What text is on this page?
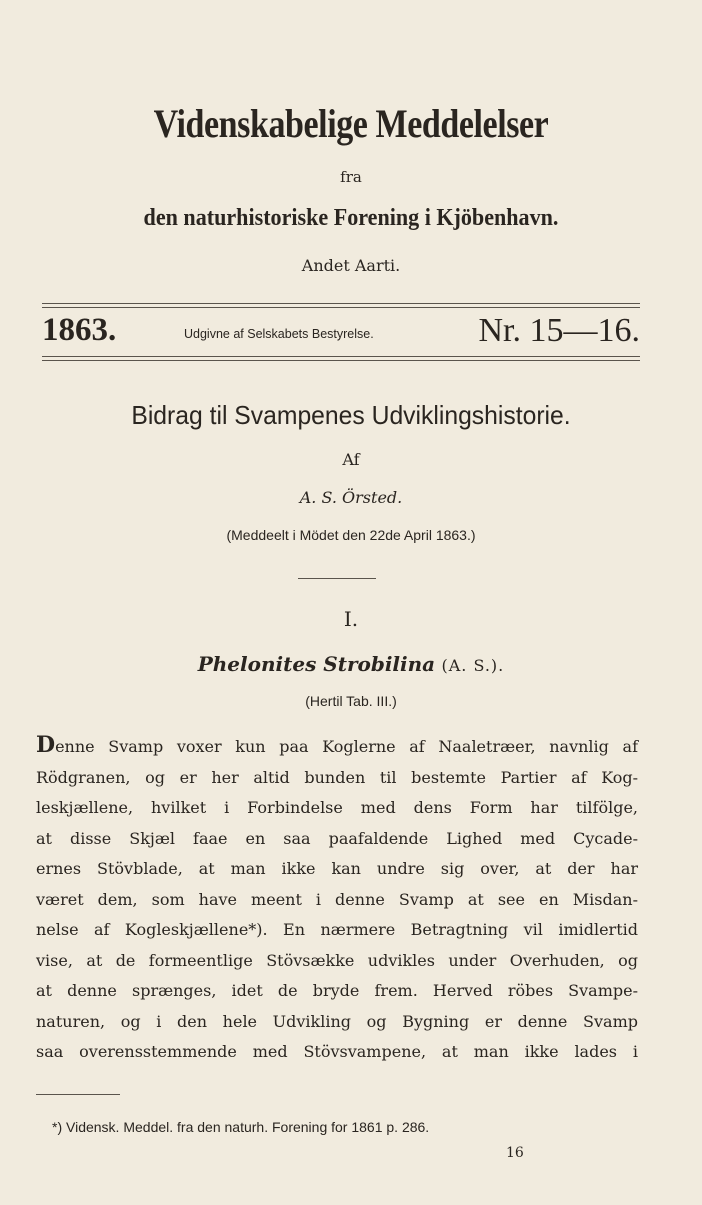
Videnskabelige Meddelelser
fra
den naturhistoriske Forening i Kjöbenhavn.
Andet Aarti.
1863.	Udgivne af Selskabets Bestyrelse.	Nr. 15—16.
Bidrag til Svampenes Udviklingshistorie.
Af
A. S. Örsted.
(Meddeelt i Mödet den 22de April 1863.)
I.
Phelonites Strobilina (A. S.).
(Hertil Tab. III.)
Denne Svamp voxer kun paa Koglerne af Naaletræer, navnlig af
Rödgranen, og er her altid bunden til bestemte Partier af Kog-
leskjællene, hvilket i Forbindelse med dens Form har tilfölge,
at disse Skjæl faae en saa paafaldende Lighed med Cycade-
ernes Stövblade, at man ikke kan undre sig over, at der har
været dem, som have meent i denne Svamp at see en Misdan-
nelse af Kogleskjællene*). En nærmere Betragtning vil imidlertid
vise, at de formeentlige Stövsække udvikles under Overhuden, og
at denne sprænges, idet de bryde frem. Herved röbes Svampe-
naturen, og i den hele Udvikling og Bygning er denne Svamp
saa overensstemmende med Stövsvampene, at man ikke lades i
*) Vidensk. Meddel. fra den naturh. Forening for 1861 p. 286.
16
